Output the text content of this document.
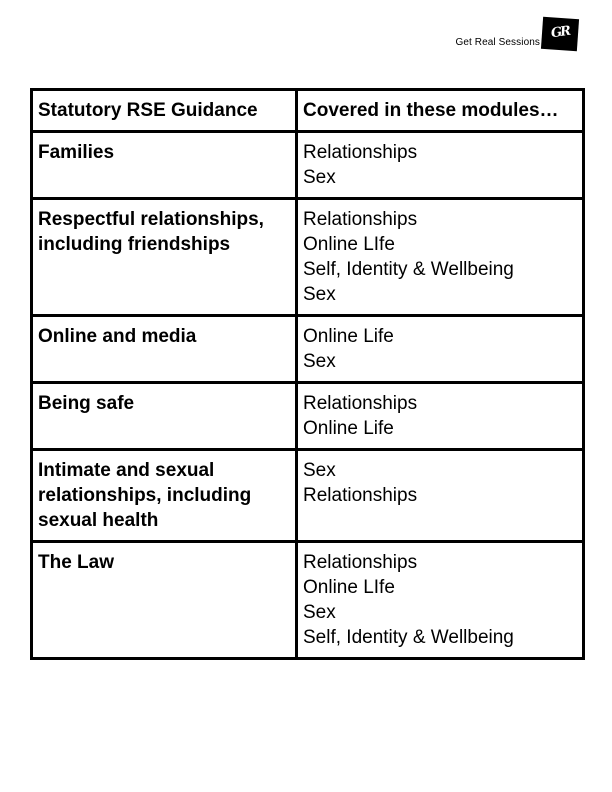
Get Real Sessions
GR
Statutory RSE Guidance	Covered in these modules…
Families	Relationships
Sex

Respectful relationships, including friendships	Relationships
Online LIfe
Self, Identity & Wellbeing
Sex

Online and media	Online Life
Sex

Being safe	Relationships
Online Life

Intimate and sexual relationships, including sexual health	Sex
Relationships

The Law	Relationships
Online LIfe
Sex
Self, Identity & Wellbeing
